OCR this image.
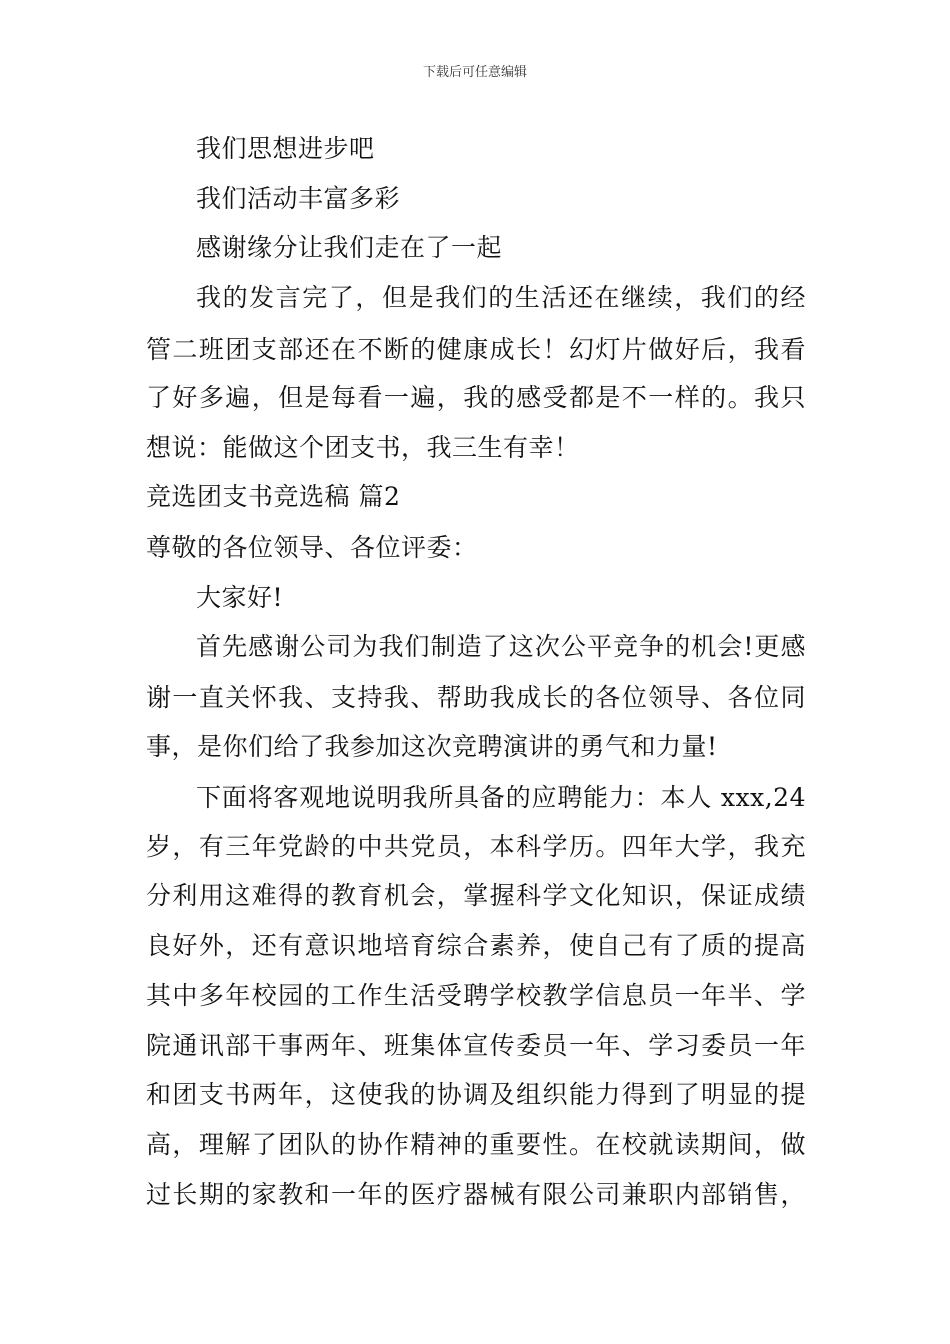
下载后可任意编辑
我们思想进步吧
我们活动丰富多彩
感谢缘分让我们走在了一起
我的发言完了，但是我们的生活还在继续，我们的经
管二班团支部还在不断的健康成长！幻灯片做好后，我看
了好多遍，但是每看一遍，我的感受都是不一样的。我只
想说：能做这个团支书，我三生有幸！
竞选团支书竞选稿 篇2
尊敬的各位领导、各位评委：
大家好!
首先感谢公司为我们制造了这次公平竞争的机会!更感
谢一直关怀我、支持我、帮助我成长的各位领导、各位同
事，是你们给了我参加这次竞聘演讲的勇气和力量!
下面将客观地说明我所具备的应聘能力：本人 xxx,24
岁，有三年党龄的中共党员，本科学历。四年大学，我充
分利用这难得的教育机会，掌握科学文化知识，保证成绩
良好外，还有意识地培育综合素养，使自己有了质的提高
其中多年校园的工作生活受聘学校教学信息员一年半、学
院通讯部干事两年、班集体宣传委员一年、学习委员一年
和团支书两年，这使我的协调及组织能力得到了明显的提
高，理解了团队的协作精神的重要性。在校就读期间，做
过长期的家教和一年的医疗器械有限公司兼职内部销售，
